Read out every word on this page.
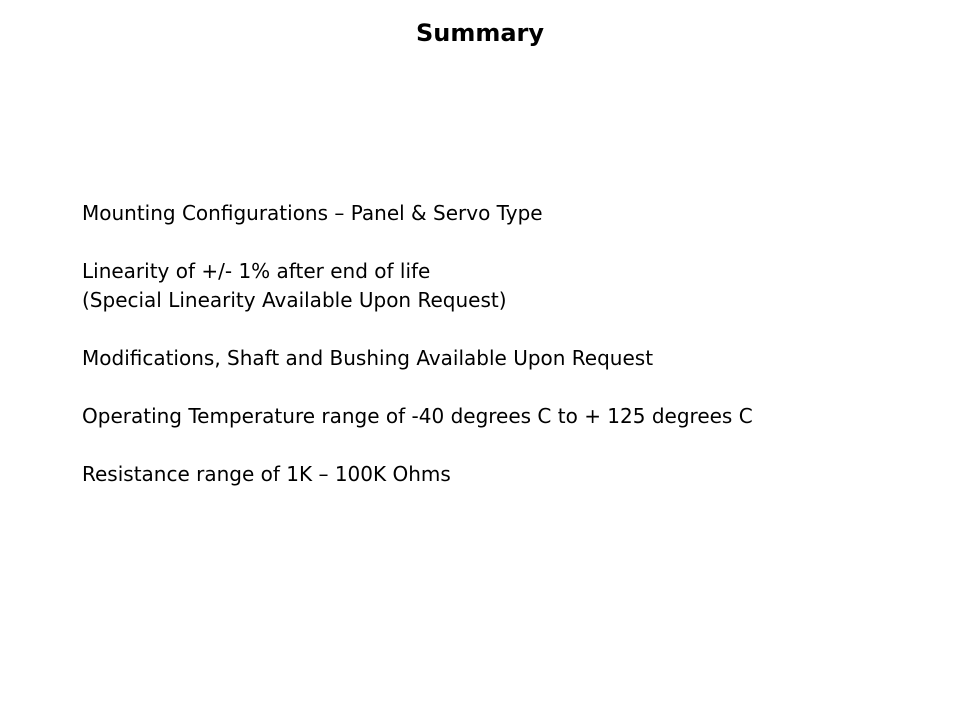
Summary
Mounting Configurations – Panel & Servo Type
Linearity of +/- 1% after end of life
(Special Linearity Available Upon Request)
Modifications, Shaft and Bushing Available Upon Request
Operating Temperature range of -40 degrees C to + 125 degrees C
Resistance range of 1K – 100K Ohms
